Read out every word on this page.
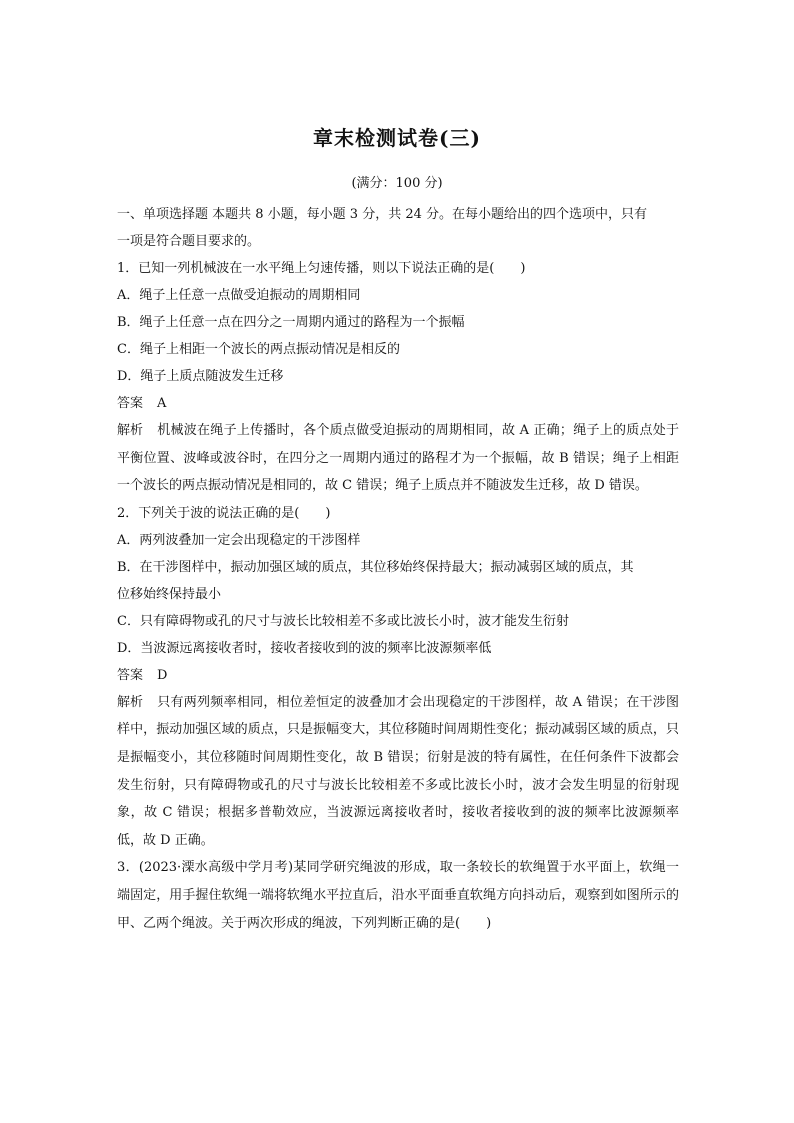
章末检测试卷(三)
(满分：100 分)
一、单项选择题 本题共 8 小题，每小题 3 分，共 24 分。在每小题给出的四个选项中，只有
一项是符合题目要求的。
1．已知一列机械波在一水平绳上匀速传播，则以下说法正确的是(　　)
A．绳子上任意一点做受迫振动的周期相同
B．绳子上任意一点在四分之一周期内通过的路程为一个振幅
C．绳子上相距一个波长的两点振动情况是相反的
D．绳子上质点随波发生迁移
答案 A
解析 机械波在绳子上传播时，各个质点做受迫振动的周期相同，故 A 正确；绳子上的质点处于平衡位置、波峰或波谷时，在四分之一周期内通过的路程才为一个振幅，故 B 错误；绳子上相距一个波长的两点振动情况是相同的，故 C 错误；绳子上质点并不随波发生迁移，故 D 错误。
2．下列关于波的说法正确的是(　　)
A．两列波叠加一定会出现稳定的干涉图样
B．在干涉图样中，振动加强区域的质点，其位移始终保持最大；振动减弱区域的质点，其
位移始终保持最小
C．只有障碍物或孔的尺寸与波长比较相差不多或比波长小时，波才能发生衍射
D．当波源远离接收者时，接收者接收到的波的频率比波源频率低
答案 D
解析 只有两列频率相同，相位差恒定的波叠加才会出现稳定的干涉图样，故 A 错误；在干涉图样中，振动加强区域的质点，只是振幅变大，其位移随时间周期性变化；振动减弱区域的质点，只是振幅变小，其位移随时间周期性变化，故 B 错误；衍射是波的特有属性，在任何条件下波都会发生衍射，只有障碍物或孔的尺寸与波长比较相差不多或比波长小时，波才会发生明显的衍射现象，故 C 错误；根据多普勒效应，当波源远离接收者时，接收者接收到的波的频率比波源频率低，故 D 正确。
3．(2023·溧水高级中学月考)某同学研究绳波的形成，取一条较长的软绳置于水平面上，软绳一端固定，用手握住软绳一端将软绳水平拉直后，沿水平面垂直软绳方向抖动后，观察到如图所示的甲、乙两个绳波。关于两次形成的绳波，下列判断正确的是(　　)
